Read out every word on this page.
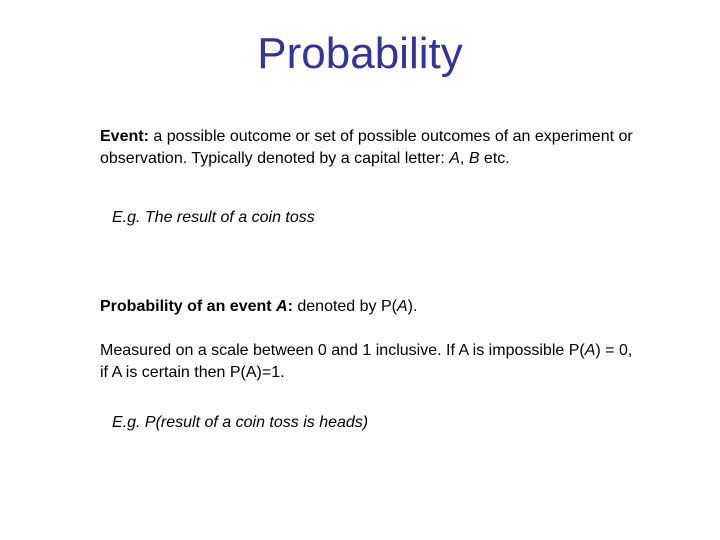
Probability

Event: a possible outcome or set of possible outcomes of an experiment or observation. Typically denoted by a capital letter: A, B etc.

E.g. The result of a coin toss

Probability of an event A: denoted by P(A).

Measured on a scale between 0 and 1 inclusive. If A is impossible P(A) = 0, if A is certain then P(A)=1.

E.g. P(result of a coin toss is heads)
